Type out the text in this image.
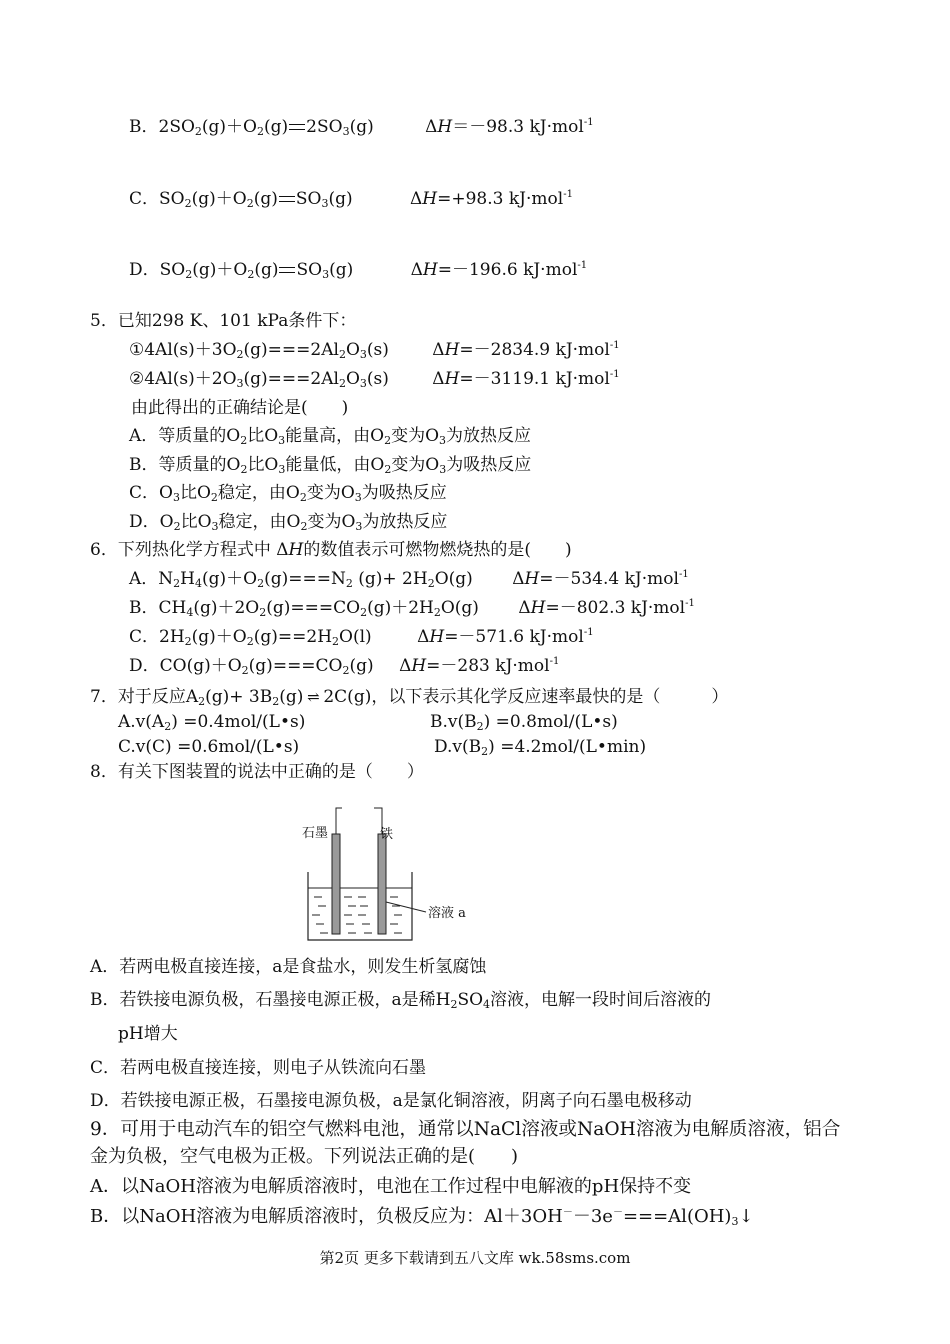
B．$2SO_2(g)+O_2(g)$ $2SO_3(g)$	ΔH＝－98.3 kJ·mol$^{-1}$
C．$SO_2(g)+O_2(g)$ $SO_3(g)$	ΔH=+98.3 kJ·mol$^{-1}$
D．$SO_2(g)+O_2(g)$ $SO_3(g)$	ΔH=－196.6 kJ·mol$^{-1}$
5．已知298 K、101 kPa条件下：
$①4Al(s)+3O_2(g)===2Al_2O_3(s)$	ΔH=－2834.9 kJ·mol$^{-1}$
$②4Al(s)+2O_3(g)===2Al_2O_3(s)$	ΔH=－3119.1 kJ·mol$^{-1}$
由此得出的正确结论是(　　)
A．等质量的$O_2$比$O_3$能量高，由$O_2$变为$O_3$为放热反应
B．等质量的$O_2$比$O_3$能量低，由$O_2$变为$O_3$为吸热反应
C．$O_3$比$O_2$稳定，由$O_2$变为$O_3$为吸热反应
D．$O_2$比$O_3$稳定，由$O_2$变为$O_3$为放热反应
6．下列热化学方程式中 ΔH的数值表示可燃物燃烧热的是(　　)
A．$N_2H_4(g)+O_2(g)===N_2$ $(g)+ 2H_2O(g)$ ΔH=－534.4 kJ·mol$^{-1}$
B．$CH_4(g)+2O_2(g)===CO_2(g)+2H_2O(g)$ ΔH=－802.3 kJ·mol$^{-1}$
C．$2H_2(g)+O_2(g)==2H_2O(l)$	ΔH=－571.6 kJ·mol$^{-1}$
D．$CO(g)+O_2(g)===CO_2(g)$ ΔH=－283 kJ·mol$^{-1}$
7．对于反应$A_2(g)+ 3B_2(g)$ ⇌ 2C(g)，以下表示其化学反应速率最快的是（　　　）
$A.v(A_2)$ =0.4mol/(L•s)	$B.v(B_2)$ =0.8mol/(L•s)
C.v(C) =0.6mol/(L•s)	$D.v(B_2)$ =4.2mol/(L•min)
8．有关下图装置的说法中正确的是（　　）
石墨	铁
溶液 a
A．若两电极直接连接，a是食盐水，则发生析氢腐蚀
B．若铁接电源负极，石墨接电源正极，a是稀$H_2SO_4$溶液，电解一段时间后溶液的
pH增大
C．若两电极直接连接，则电子从铁流向石墨
D．若铁接电源正极，石墨接电源负极，a是氯化铜溶液，阴离子向石墨电极移动
9．可用于电动汽车的铝空气燃料电池，通常以NaCl溶液或NaOH溶液为电解质溶液，铝合
金为负极，空气电极为正极。下列说法正确的是(　　)
A．以NaOH溶液为电解质溶液时，电池在工作过程中电解液的pH保持不变
B．以NaOH溶液为电解质溶液时，负极反应为：$Al+3OH^--3e^-===Al(OH)_3↓$
第2页 更多下载请到五八文库 wk.58sms.com
